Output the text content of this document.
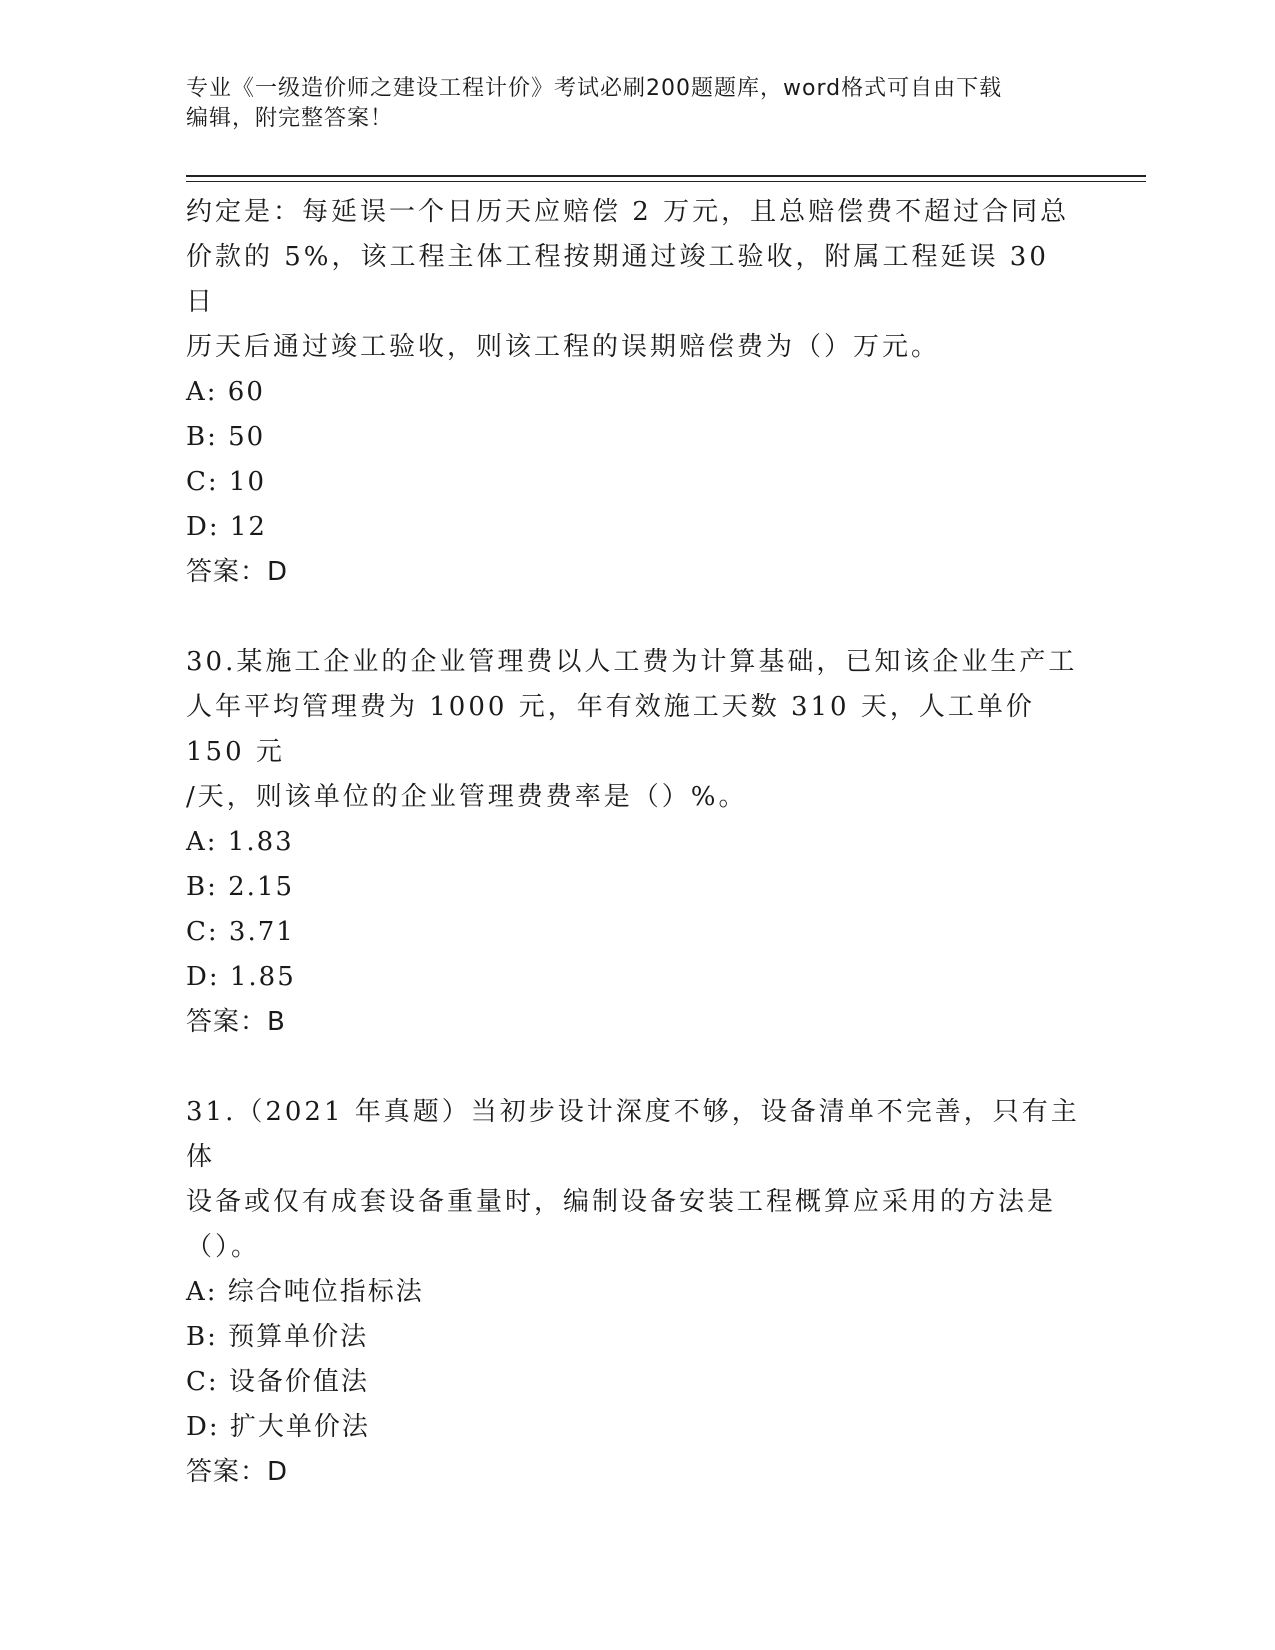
专业《一级造价师之建设工程计价》考试必刷200题题库，word格式可自由下载
编辑，附完整答案！
约定是：每延误一个日历天应赔偿 2 万元，且总赔偿费不超过合同总
价款的 5%，该工程主体工程按期通过竣工验收，附属工程延误 30 日
历天后通过竣工验收，则该工程的误期赔偿费为（）万元。
A: 60
B: 50
C: 10
D: 12
答案：D
30.某施工企业的企业管理费以人工费为计算基础，已知该企业生产工
人年平均管理费为 1000 元，年有效施工天数 310 天，人工单价 150 元
/天，则该单位的企业管理费费率是（）%。
A: 1.83
B: 2.15
C: 3.71
D: 1.85
答案：B
31.（2021 年真题）当初步设计深度不够，设备清单不完善，只有主体
设备或仅有成套设备重量时，编制设备安装工程概算应采用的方法是
（）。
A: 综合吨位指标法
B: 预算单价法
C: 设备价值法
D: 扩大单价法
答案：D
